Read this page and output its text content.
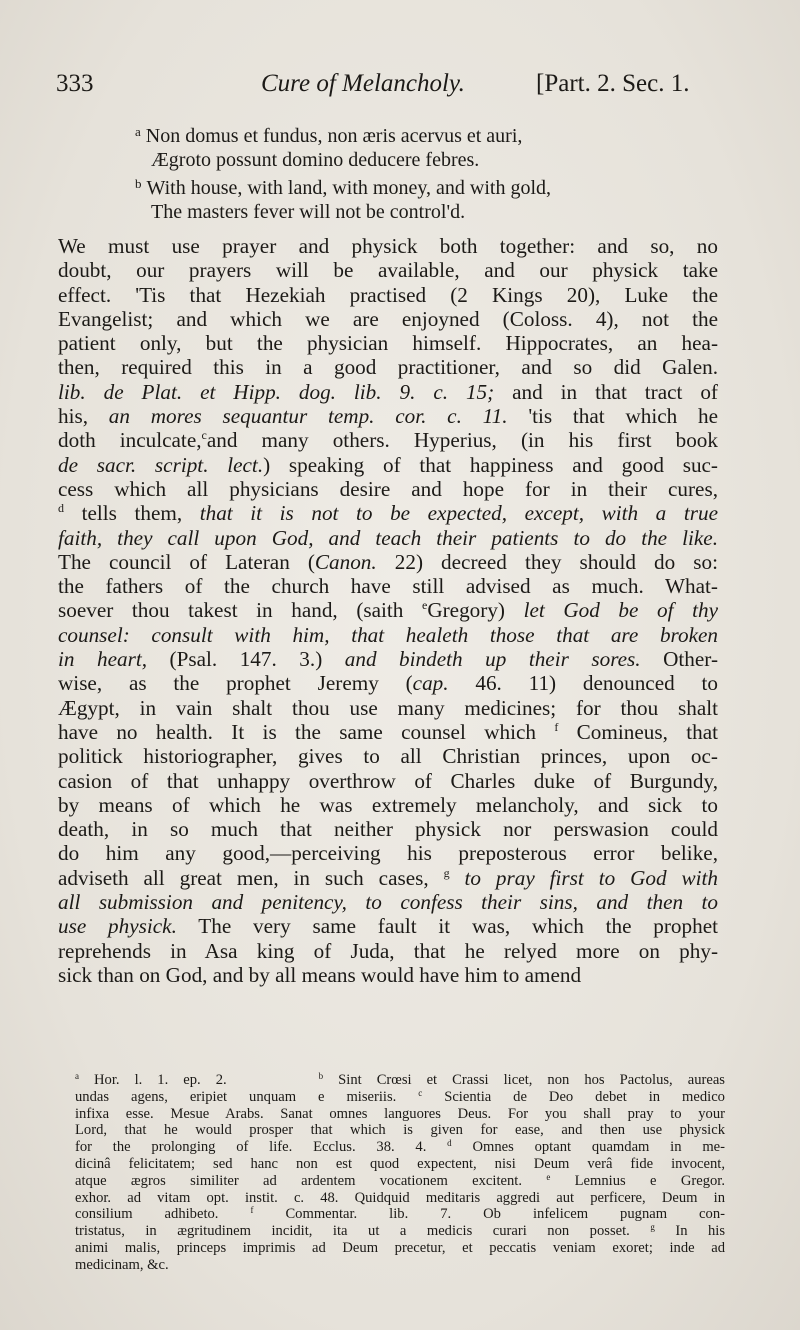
333	Cure of Melancholy.	[Part. 2. Sec. 1.

$^a$ Non domus et fundus, non æris acervus et auri,

Ægroto possunt domino deducere febres.

$^b$ With house, with land, with money, and with gold,

The masters fever will not be control'd.

We must use prayer and physick both together: and so, no
doubt, our prayers will be available, and our physick take
effect. 'Tis that Hezekiah practised (2 Kings 20), Luke the
Evangelist; and which we are enjoyned (Coloss. 4), not the
patient only, but the physician himself. Hippocrates, an hea-
then, required this in a good practitioner, and so did Galen.
lib. de Plat. et Hipp. dog. lib. 9. c. 15; and in that tract of
his, an mores sequantur temp. cor. c. 11. 'tis that which he
doth inculcate,$^c$and many others. Hyperius, (in his first book
de sacr. script. lect.) speaking of that happiness and good suc-
cess which all physicians desire and hope for in their cures,
$^d$ tells them, that it is not to be expected, except, with a true
faith, they call upon God, and teach their patients to do the like.
The council of Lateran (Canon. 22) decreed they should do so:
the fathers of the church have still advised as much. What-
soever thou takest in hand, (saith $^e$Gregory) let God be of thy
counsel: consult with him, that healeth those that are broken
in heart, (Psal. 147. 3.) and bindeth up their sores. Other-
wise, as the prophet Jeremy (cap. 46. 11) denounced to
Ægypt, in vain shalt thou use many medicines; for thou shalt
have no health. It is the same counsel which $^f$ Comineus, that
politick historiographer, gives to all Christian princes, upon oc-
casion of that unhappy overthrow of Charles duke of Burgundy,
by means of which he was extremely melancholy, and sick to
death, in so much that neither physick nor perswasion could
do him any good,—perceiving his preposterous error belike,
adviseth all great men, in such cases, $^g$ to pray first to God with
all submission and penitency, to confess their sins, and then to
use physick. The very same fault it was, which the prophet
reprehends in Asa king of Juda, that he relyed more on phy-
sick than on God, and by all means would have him to amend
$^a$ Hor. l. 1. ep. 2.	$^b$ Sint Crœsi et Crassi licet, non hos Pactolus, aureas
undas agens, eripiet unquam e miseriis. $^c$ Scientia de Deo debet in medico
infixa esse. Mesue Arabs. Sanat omnes languores Deus. For you shall pray to your
Lord, that he would prosper that which is given for ease, and then use physick
for the prolonging of life. Ecclus. 38. 4. $^d$ Omnes optant quamdam in me-
dicinâ felicitatem; sed hanc non est quod expectent, nisi Deum verâ fide invocent,
atque ægros similiter ad ardentem vocationem excitent.	$^e$ Lemnius e Gregor.
exhor. ad vitam opt. instit. c. 48. Quidquid meditaris aggredi aut perficere, Deum in
consilium adhibeto.	$^f$ Commentar. lib. 7. Ob infelicem pugnam con-
tristatus, in ægritudinem incidit, ita ut a medicis curari non posset. $^g$ In his
animi malis, princeps imprimis ad Deum precetur, et peccatis veniam exoret; inde ad
medicinam, &c.
